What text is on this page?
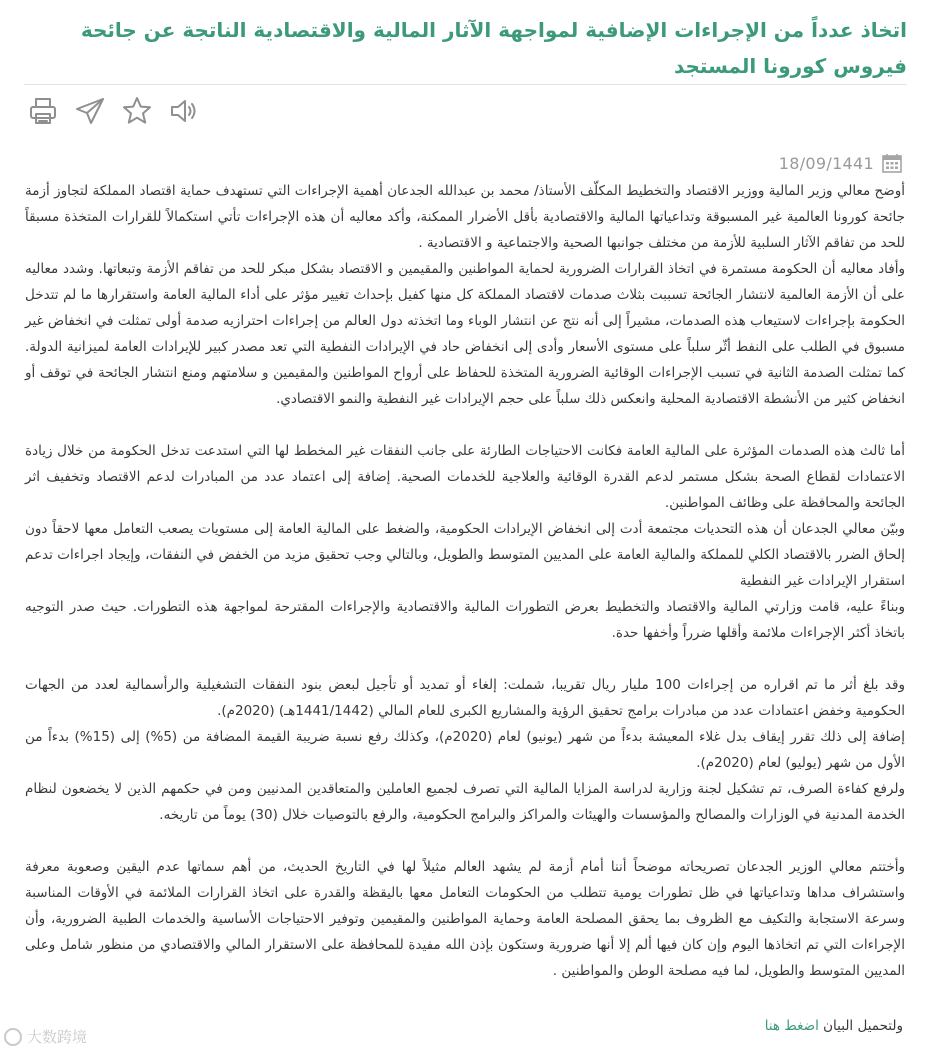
اتخاذ عدداً من الإجراءات الإضافية لمواجهة الآثار المالية والاقتصادية الناتجة عن جائحة فيروس كورونا المستجد
18/09/1441

أوضح معالي وزير المالية ووزير الاقتصاد والتخطيط المكلّف الأستاذ/ محمد بن عبدالله الجدعان أهمية الإجراءات التي تستهدف حماية اقتصاد المملكة لتجاوز أزمة جائحة كورونا العالمية غير المسبوقة وتداعياتها المالية والاقتصادية بأقل الأضرار الممكنة، وأكد معاليه أن هذه الإجراءات تأتي استكمالاً للقرارات المتخذة مسبقاً للحد من تفاقم الآثار السلبية للأزمة من مختلف جوانبها الصحية والاجتماعية و الاقتصادية .

وأفاد معاليه أن الحكومة مستمرة في اتخاذ القرارات الضرورية لحماية المواطنين والمقيمين و الاقتصاد بشكل مبكر للحد من تفاقم الأزمة وتبعاتها. وشدد معاليه على أن الأزمة العالمية لانتشار الجائحة تسببت بثلاث صدمات لاقتصاد المملكة كل منها كفيل بإحداث تغيير مؤثر على أداء المالية العامة واستقرارها ما لم تتدخل الحكومة بإجراءات لاستيعاب هذه الصدمات، مشيراً إلى أنه نتج عن انتشار الوباء وما اتخذته دول العالم من إجراءات احترازيه صدمة أولى تمثلت في انخفاض غير مسبوق في الطلب على النفط أثّر سلباً على مستوى الأسعار وأدى إلى انخفاض حاد في الإيرادات النفطية التي تعد مصدر كبير للإيرادات العامة لميزانية الدولة. كما تمثلت الصدمة الثانية في تسبب الإجراءات الوقائية الضرورية المتخذة للحفاظ على أرواح المواطنين والمقيمين و سلامتهم ومنع انتشار الجائحة في توقف أو انخفاض كثير من الأنشطة الاقتصادية المحلية وانعكس ذلك سلباً على حجم الإيرادات غير النفطية والنمو الاقتصادي.

أما ثالث هذه الصدمات المؤثرة على المالية العامة فكانت الاحتياجات الطارئة على جانب النفقات غير المخطط لها التي استدعت تدخل الحكومة من خلال زيادة الاعتمادات لقطاع الصحة بشكل مستمر لدعم القدرة الوقائية والعلاجية للخدمات الصحية. إضافة إلى اعتماد عدد من المبادرات لدعم الاقتصاد وتخفيف اثر الجائحة والمحافظة على وظائف المواطنين.

وبيّن معالي الجدعان أن هذه التحديات مجتمعة أدت إلى انخفاض الإيرادات الحكومية، والضغط على المالية العامة إلى مستويات يصعب التعامل معها لاحقاً دون إلحاق الضرر بالاقتصاد الكلي للمملكة والمالية العامة على المديين المتوسط والطويل، وبالتالي وجب تحقيق مزيد من الخفض في النفقات، وإيجاد اجراءات تدعم استقرار الإيرادات غير النفطية

وبناءً عليه، قامت وزارتي المالية والاقتصاد والتخطيط بعرض التطورات المالية والاقتصادية والإجراءات المقترحة لمواجهة هذه التطورات. حيث صدر التوجيه باتخاذ أكثر الإجراءات ملائمة وأقلها ضرراً وأخفها حدة.

وقد بلغ أثر ما تم اقراره من إجراءات 100 مليار ريال تقريبا، شملت: إلغاء أو تمديد أو تأجيل لبعض بنود النفقات التشغيلية والرأسمالية لعدد من الجهات الحكومية وخفض اعتمادات عدد من مبادرات برامج تحقيق الرؤية والمشاريع الكبرى للعام المالي (1441/1442هـ) (2020م).

إضافة إلى ذلك تقرر إيقاف بدل غلاء المعيشة بدءاً من شهر (يونيو) لعام (2020م)، وكذلك رفع نسبة ضريبة القيمة المضافة من (5%) إلى (15%) بدءاً من الأول من شهر (يوليو) لعام (2020م).

ولرفع كفاءة الصرف، تم تشكيل لجنة وزارية لدراسة المزايا المالية التي تصرف لجميع العاملين والمتعاقدين المدنيين ومن في حكمهم الذين لا يخضعون لنظام الخدمة المدنية في الوزارات والمصالح والمؤسسات والهيئات والمراكز والبرامج الحكومية، والرفع بالتوصيات خلال (30) يوماً من تاريخه.

وأختتم معالي الوزير الجدعان تصريحاته موضحاً أننا أمام أزمة لم يشهد العالم مثيلاً لها في التاريخ الحديث، من أهم سماتها عدم اليقين وصعوبة معرفة واستشراف مداها وتداعياتها في ظل تطورات يومية تتطلب من الحكومات التعامل معها باليقظة والقدرة على اتخاذ القرارات الملائمة في الأوقات المناسبة وسرعة الاستجابة والتكيف مع الظروف بما يحقق المصلحة العامة وحماية المواطنين والمقيمين وتوفير الاحتياجات الأساسية والخدمات الطبية الضرورية، وأن الإجراءات التي تم اتخاذها اليوم وإن كان فيها ألم إلا أنها ضرورية وستكون بإذن الله مفيدة للمحافظة على الاستقرار المالي والاقتصادي من منظور شامل وعلى المديين المتوسط والطويل، لما فيه مصلحة الوطن والمواطنين .

ولتحميل البيان اضغط هنا
大数跨境
